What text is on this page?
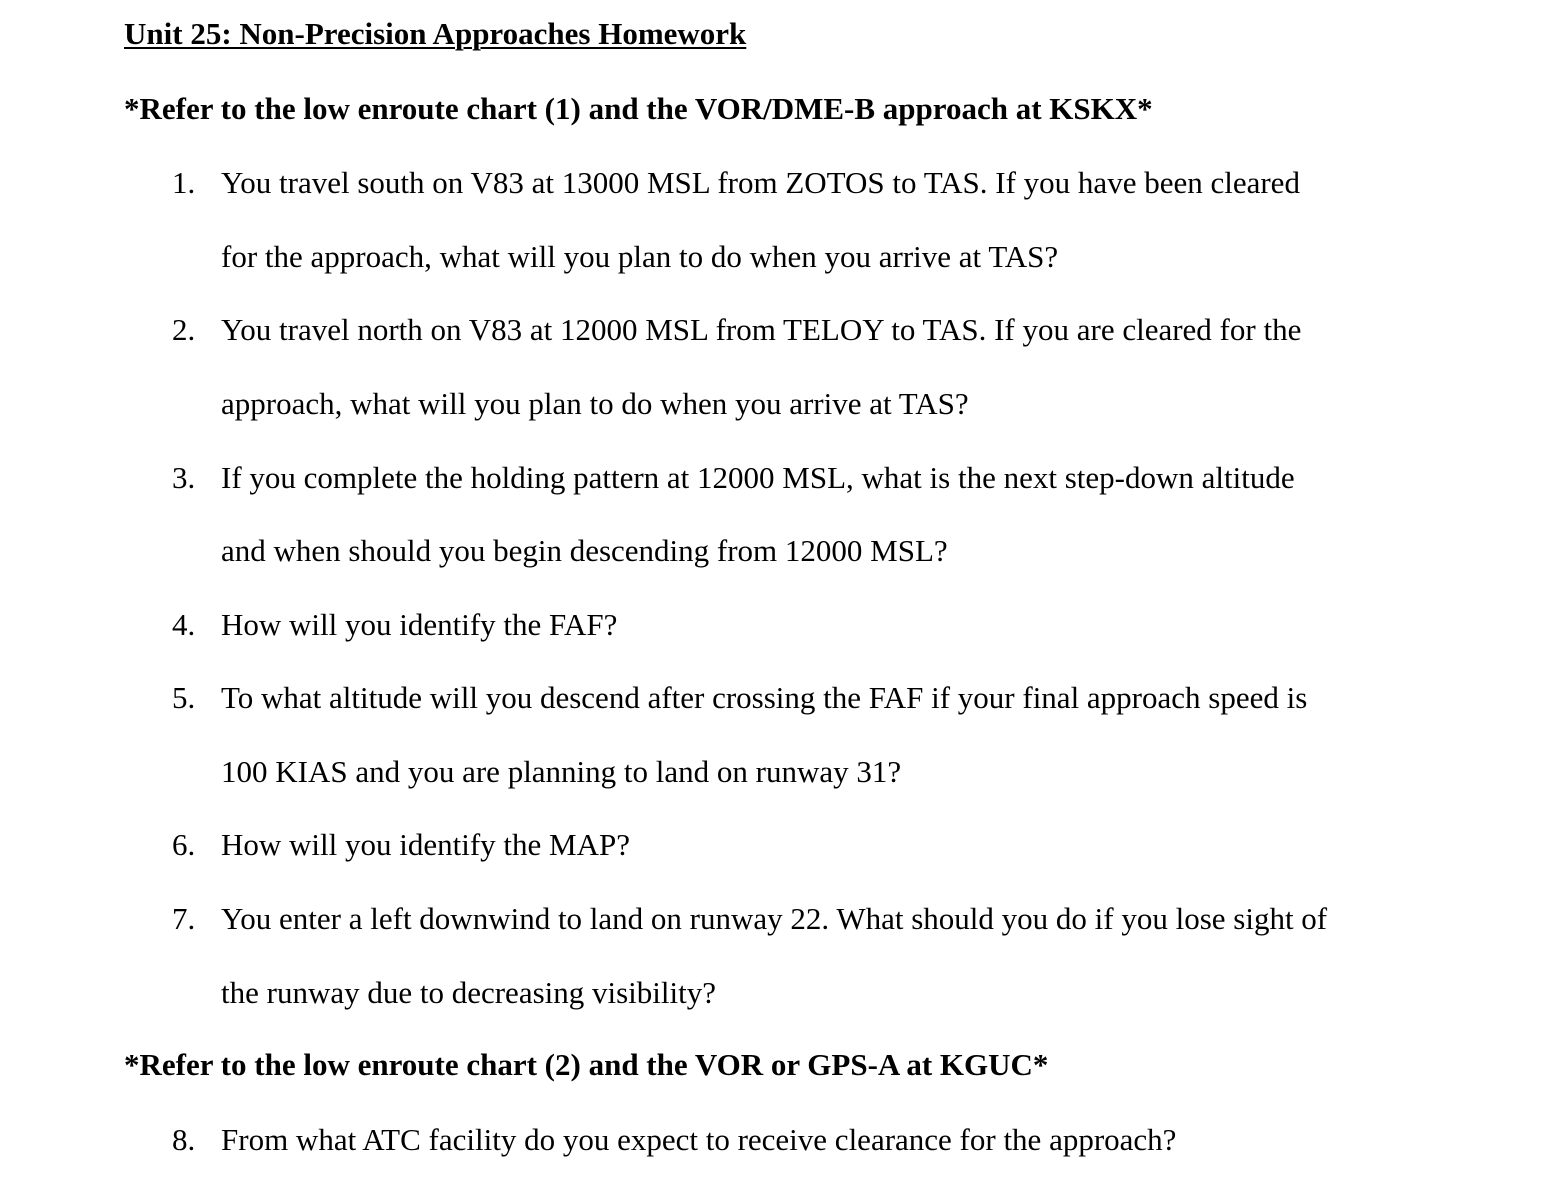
Unit 25: Non-Precision Approaches Homework
*Refer to the low enroute chart (1) and the VOR/DME-B approach at KSKX*
1. You travel south on V83 at 13000 MSL from ZOTOS to TAS. If you have been cleared
for the approach, what will you plan to do when you arrive at TAS?
2. You travel north on V83 at 12000 MSL from TELOY to TAS. If you are cleared for the
approach, what will you plan to do when you arrive at TAS?
3. If you complete the holding pattern at 12000 MSL, what is the next step-down altitude
and when should you begin descending from 12000 MSL?
4. How will you identify the FAF?
5. To what altitude will you descend after crossing the FAF if your final approach speed is
100 KIAS and you are planning to land on runway 31?
6. How will you identify the MAP?
7. You enter a left downwind to land on runway 22. What should you do if you lose sight of
the runway due to decreasing visibility?
*Refer to the low enroute chart (2) and the VOR or GPS-A at KGUC*
8. From what ATC facility do you expect to receive clearance for the approach?
